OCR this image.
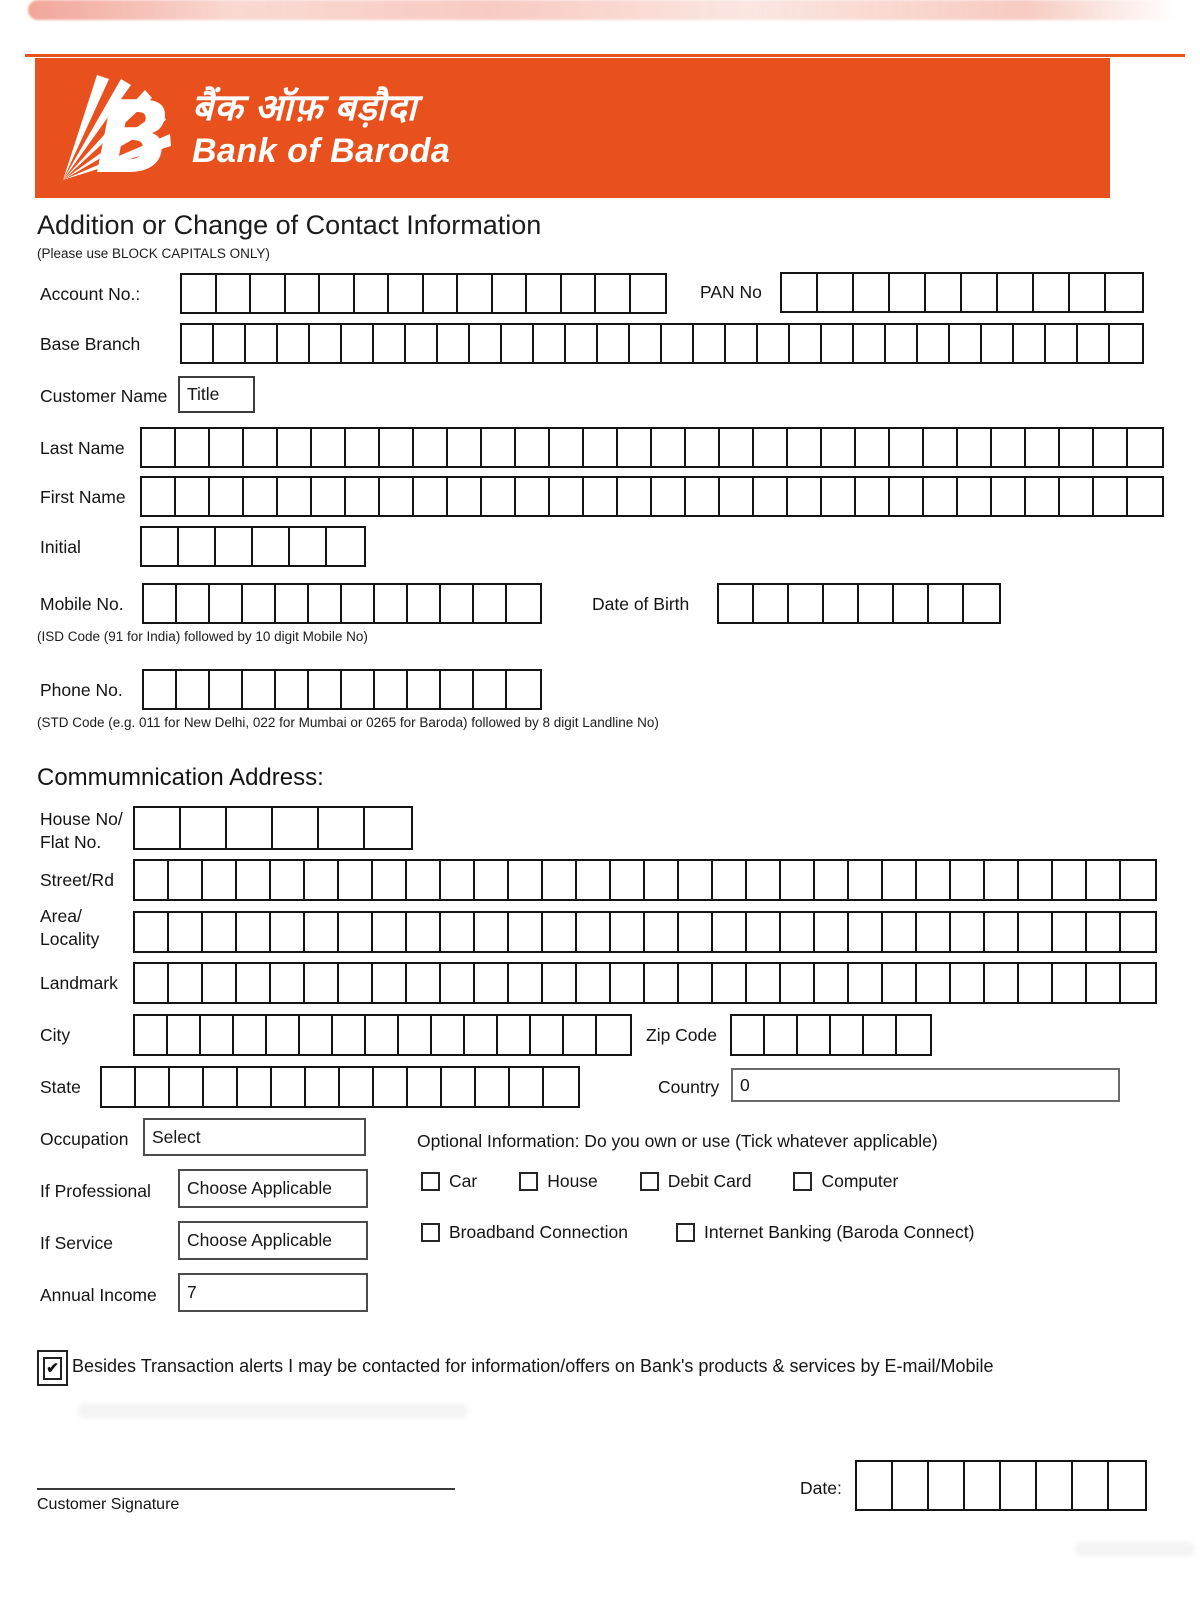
B बैंक ऑफ़ बड़ौदा
Bank of Baroda
Addition or Change of Contact Information
(Please use BLOCK CAPITALS ONLY)
Account No.:	PAN No
Base Branch
Customer Name	Title
Last Name
First Name
Initial
Mobile No.	Date of Birth
(ISD Code (91 for India) followed by 10 digit Mobile No)
Phone No.
(STD Code (e.g. 011 for New Delhi, 022 for Mumbai or 0265 for Baroda) followed by 8 digit Landline No)
Commumnication Address:
House No/
Flat No.
Street/Rd
Area/
Locality
Landmark
City	Zip Code
State	Country	0
Occupation	Select	Optional Information: Do you own or use (Tick whatever applicable)
If Professional	Choose Applicable	Car	House	Debit Card	Computer
If Service	Choose Applicable	Broadband Connection	Internet Banking (Baroda Connect)
Annual Income	7
✔ Besides Transaction alerts I may be contacted for information/offers on Bank's products & services by E-mail/Mobile
Customer Signature
Date:
